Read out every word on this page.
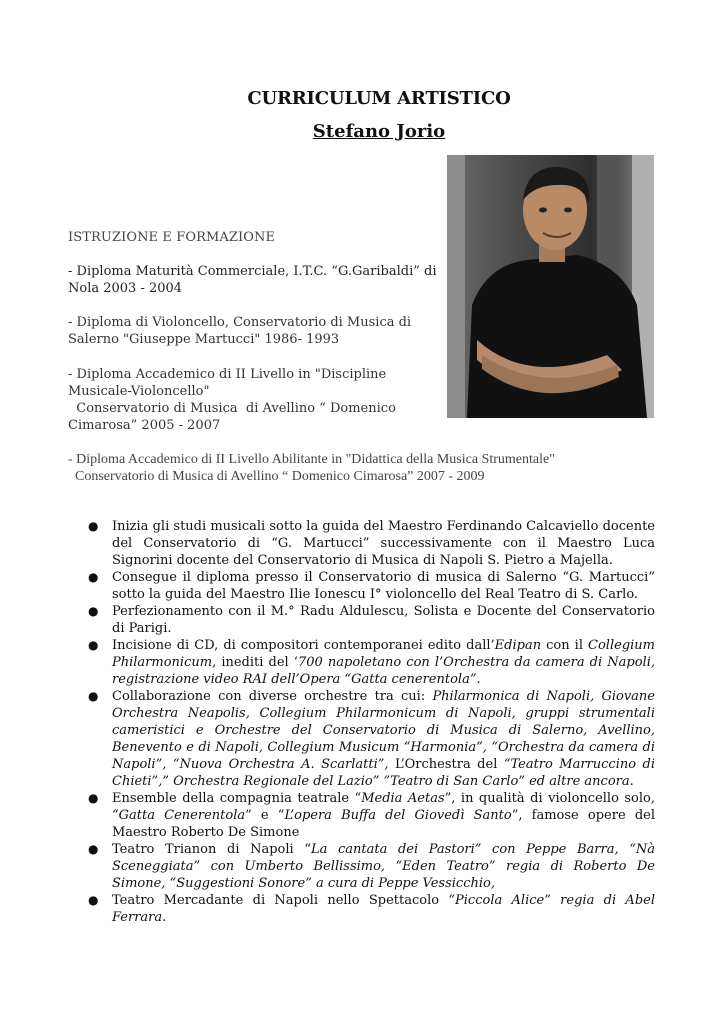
CURRICULUM ARTISTICO
Stefano Jorio
ISTRUZIONE E FORMAZIONE
- Diploma Maturità Commerciale, I.T.C. “G.Garibaldi” di Nola 2003 - 2004
- Diploma di Violoncello, Conservatorio di Musica di Salerno "Giuseppe Martucci" 1986- 1993
- Diploma Accademico di II Livello in "Discipline Musicale-Violoncello"
Conservatorio di Musica  di Avellino “ Domenico Cimarosa” 2005 - 2007
- Diploma Accademico di II Livello Abilitante in "Didattica della Musica Strumentale"
Conservatorio di Musica di Avellino “ Domenico Cimarosa” 2007 - 2009
● Inizia gli studi musicali sotto la guida del Maestro Ferdinando Calcaviello docente del Conservatorio di “G. Martucci” successivamente con il Maestro Luca Signorini docente del Conservatorio di Musica di Napoli S. Pietro a Majella.
● Consegue il diploma presso il Conservatorio di musica di Salerno “G. Martucci” sotto la guida del Maestro Ilie Ionescu I° violoncello del Real Teatro di S. Carlo.
● Perfezionamento con il M.° Radu Aldulescu, Solista e Docente del Conservatorio di Parigi.
● Incisione di CD, di compositori contemporanei edito dall’Edipan con il Collegium Philarmonicum, inediti del ‘700 napoletano con l’Orchestra da camera di Napoli, registrazione video RAI dell’Opera “Gatta cenerentola”.
● Collaborazione con diverse orchestre tra cui: Philarmonica di Napoli, Giovane Orchestra Neapolis, Collegium Philarmonicum di Napoli, gruppi strumentali cameristici e Orchestre del Conservatorio di Musica di Salerno, Avellino, Benevento e di Napoli, Collegium Musicum “Harmonia”, “Orchestra da camera di Napoli”, “Nuova Orchestra A. Scarlatti”, L’Orchestra del “Teatro Marruccino di Chieti”,” Orchestra Regionale del Lazio” ”Teatro di San Carlo” ed altre ancora.
● Ensemble della compagnia teatrale “Media Aetas”, in qualità di violoncello solo, “Gatta Cenerentola” e “L’opera Buffa del Giovedì Santo”, famose opere del Maestro Roberto De Simone
● Teatro Trianon di Napoli “La cantata dei Pastori” con Peppe Barra, “Nà Sceneggiata” con Umberto Bellissimo, “Eden Teatro” regia di Roberto De Simone, “Suggestioni Sonore” a cura di Peppe Vessicchio,
● Teatro Mercadante di Napoli nello Spettacolo “Piccola Alice” regia di Abel Ferrara.
